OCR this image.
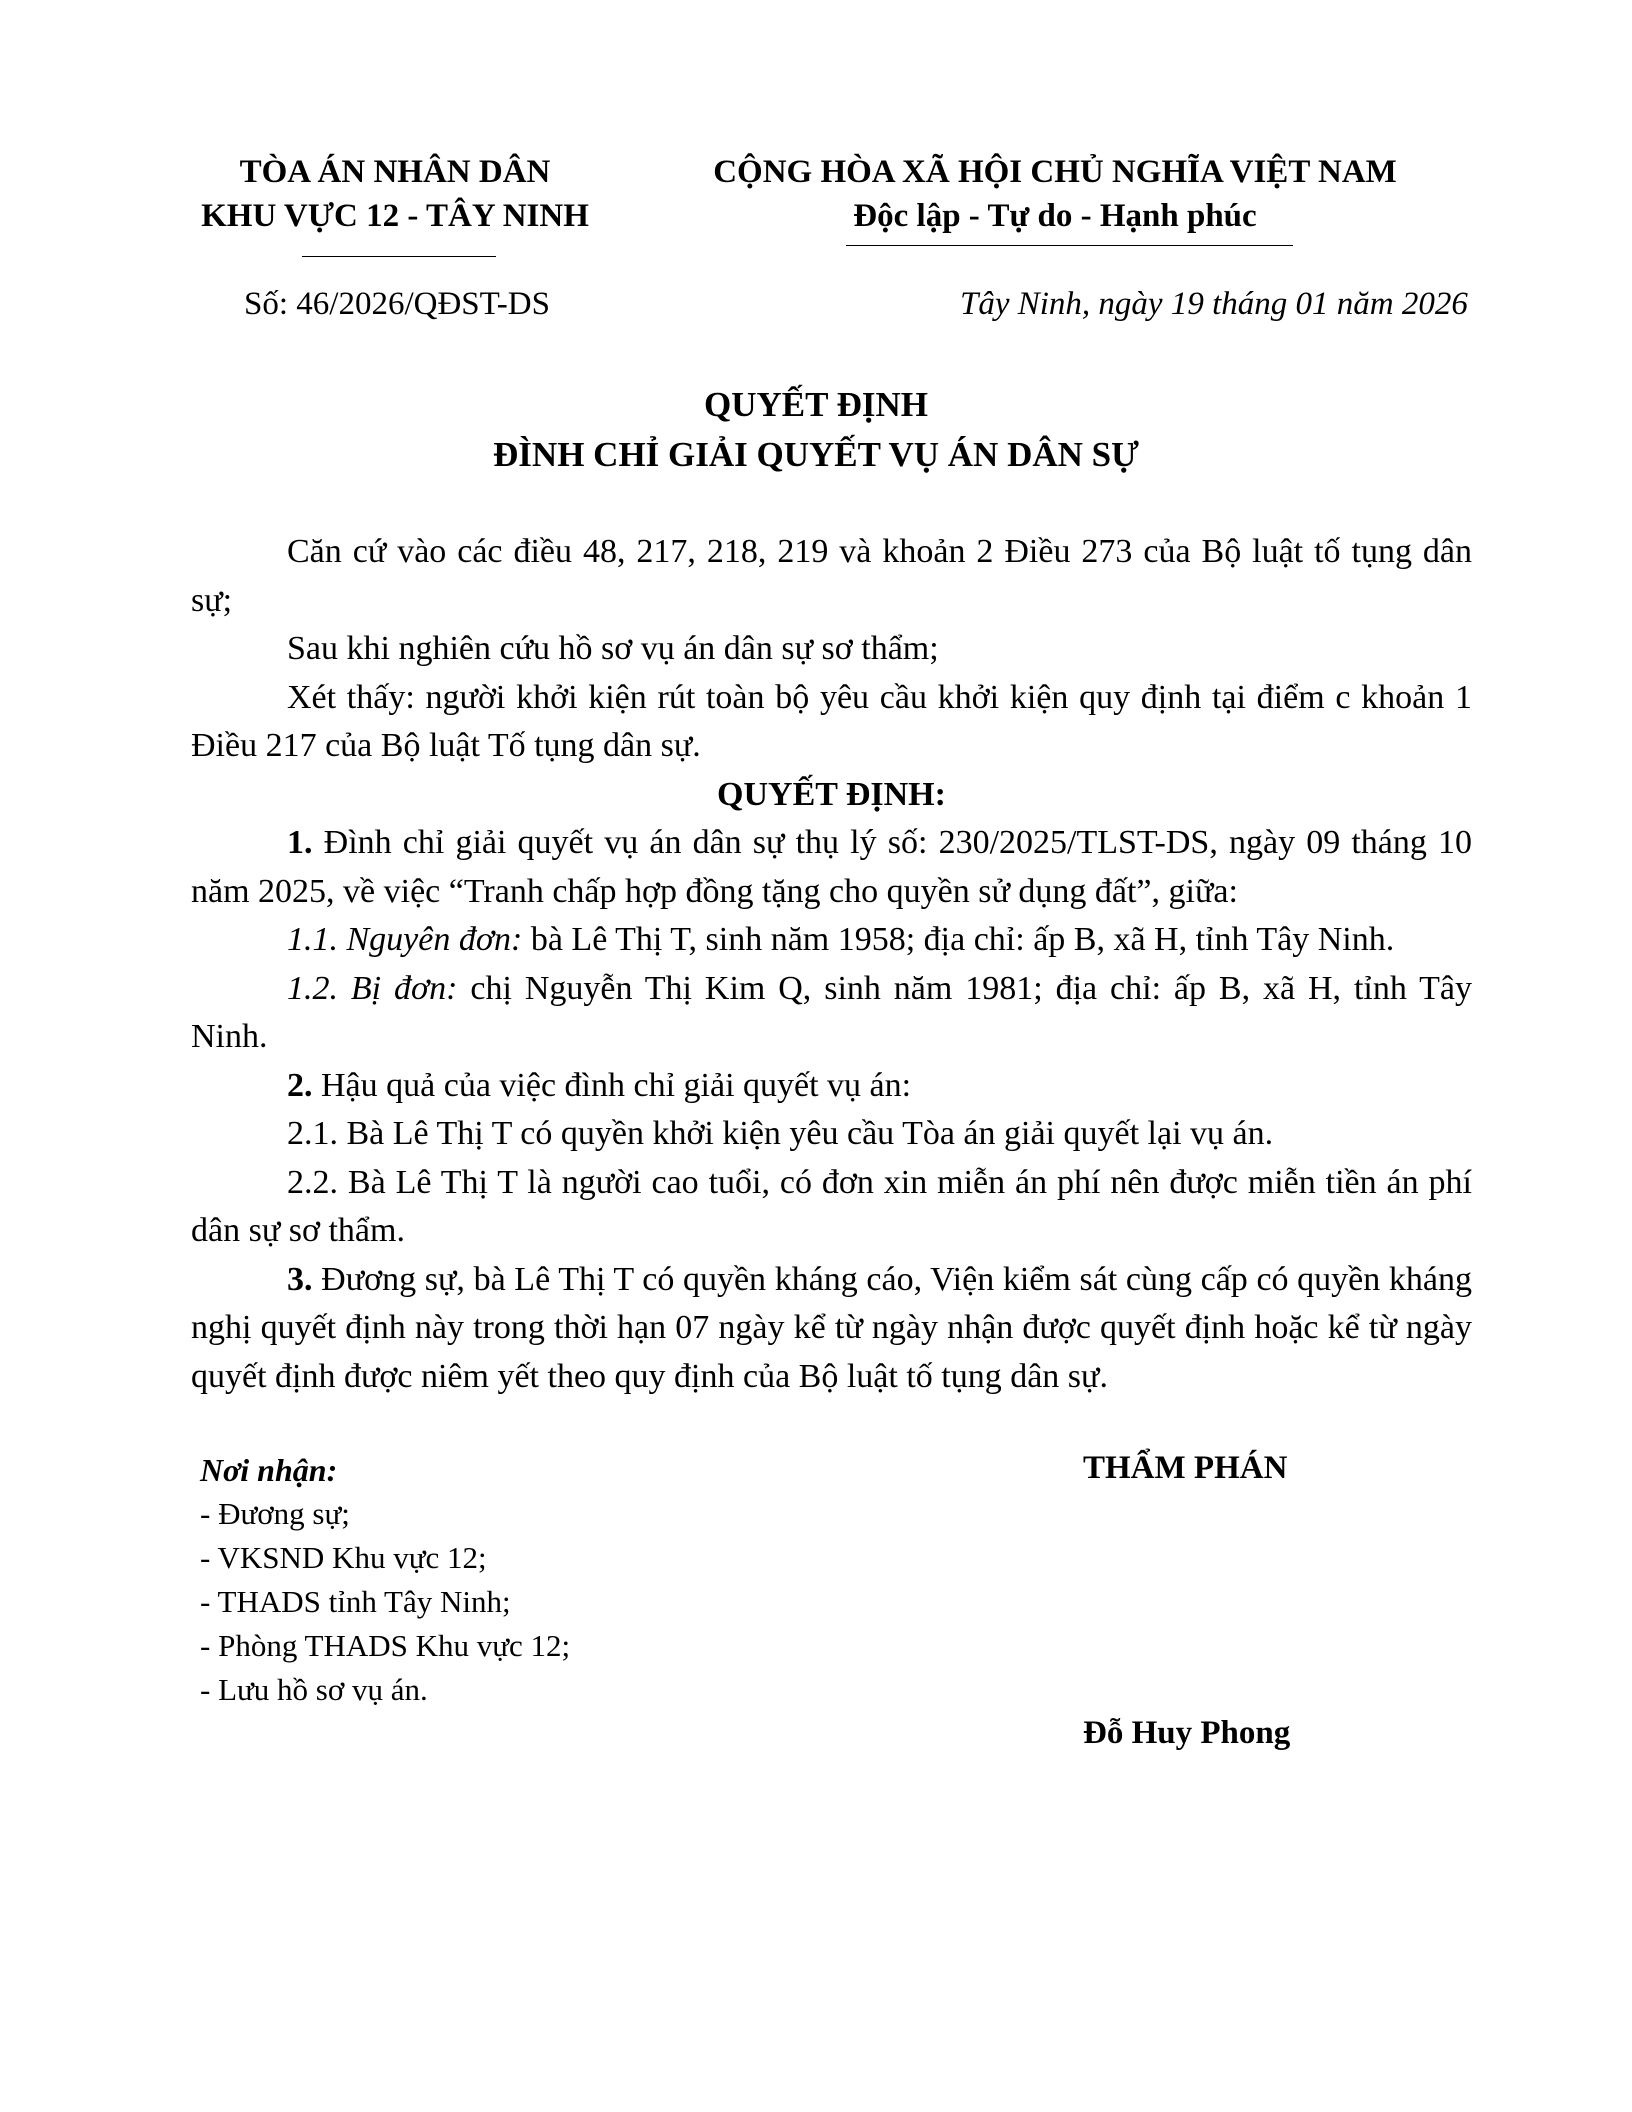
TÒA ÁN NHÂN DÂN
KHU VỰC 12 - TÂY NINH
CỘNG HÒA XÃ HỘI CHỦ NGHĨA VIỆT NAM
Độc lập - Tự do - Hạnh phúc
Số: 46/2026/QĐST-DS	Tây Ninh, ngày 19 tháng 01 năm 2026
QUYẾT ĐỊNH
ĐÌNH CHỈ GIẢI QUYẾT VỤ ÁN DÂN SỰ

Căn cứ vào các điều 48, 217, 218, 219 và khoản 2 Điều 273 của Bộ luật tố tụng dân sự;

Sau khi nghiên cứu hồ sơ vụ án dân sự sơ thẩm;

Xét thấy: người khởi kiện rút toàn bộ yêu cầu khởi kiện quy định tại điểm c khoản 1 Điều 217 của Bộ luật Tố tụng dân sự.

QUYẾT ĐỊNH:

1. Đình chỉ giải quyết vụ án dân sự thụ lý số: 230/2025/TLST-DS, ngày 09 tháng 10 năm 2025, về việc “Tranh chấp hợp đồng tặng cho quyền sử dụng đất”, giữa:

1.1. Nguyên đơn: bà Lê Thị T, sinh năm 1958; địa chỉ: ấp B, xã H, tỉnh Tây Ninh.

1.2. Bị đơn: chị Nguyễn Thị Kim Q, sinh năm 1981; địa chỉ: ấp B, xã H, tỉnh Tây Ninh.

2. Hậu quả của việc đình chỉ giải quyết vụ án:

2.1. Bà Lê Thị T có quyền khởi kiện yêu cầu Tòa án giải quyết lại vụ án.

2.2. Bà Lê Thị T là người cao tuổi, có đơn xin miễn án phí nên được miễn tiền án phí dân sự sơ thẩm.

3. Đương sự, bà Lê Thị T có quyền kháng cáo, Viện kiểm sát cùng cấp có quyền kháng nghị quyết định này trong thời hạn 07 ngày kể từ ngày nhận được quyết định hoặc kể từ ngày quyết định được niêm yết theo quy định của Bộ luật tố tụng dân sự.

Nơi nhận:
- Đương sự;
- VKSND Khu vực 12;
- THADS tỉnh Tây Ninh;
- Phòng THADS Khu vực 12;
- Lưu hồ sơ vụ án.
THẨM PHÁN
Đỗ Huy Phong
